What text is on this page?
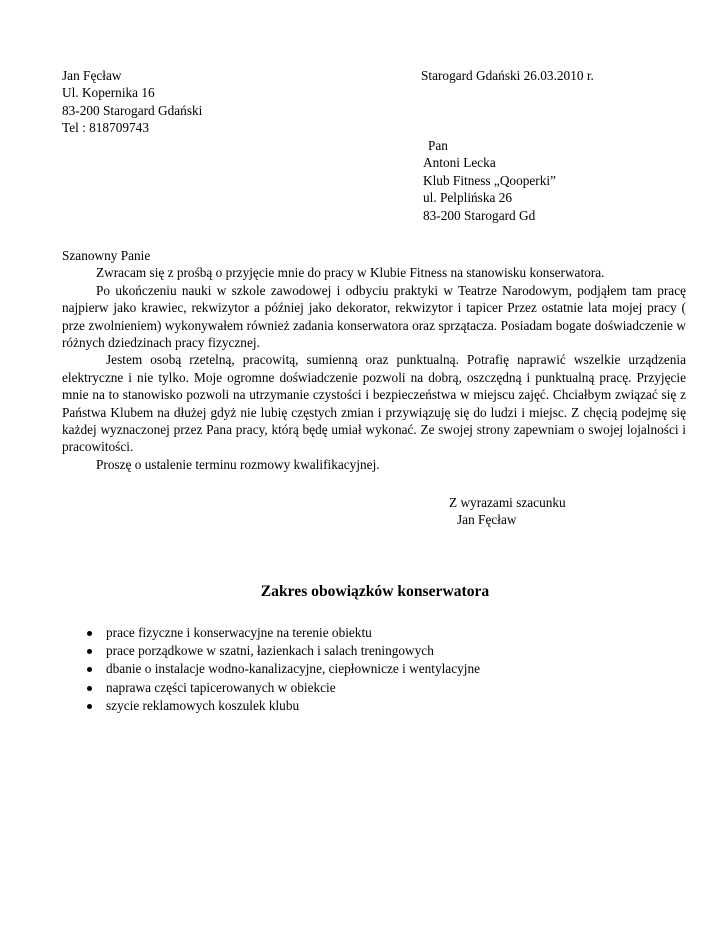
Jan Fęcław
Ul. Kopernika 16
83-200 Starogard Gdański
Tel : 818709743
Starogard Gdański 26.03.2010 r.
Pan
Antoni Lecka
Klub Fitness „Qooperki”
ul. Pelplińska 26
83-200 Starogard Gd

Szanowny Panie

Zwracam się z prośbą o przyjęcie mnie do pracy w Klubie Fitness na stanowisku konserwatora.

Po ukończeniu nauki w szkole zawodowej i odbyciu praktyki w Teatrze Narodowym, podjąłem tam pracę najpierw jako krawiec, rekwizytor a później jako dekorator, rekwizytor i tapicer Przez ostatnie lata mojej pracy ( prze zwolnieniem) wykonywałem również zadania konserwatora oraz sprzątacza. Posiadam bogate doświadczenie w różnych dziedzinach pracy fizycznej.

Jestem osobą rzetelną, pracowitą, sumienną oraz punktualną. Potrafię naprawić wszelkie urządzenia elektryczne i nie tylko. Moje ogromne doświadczenie pozwoli na dobrą, oszczędną i punktualną pracę. Przyjęcie mnie na to stanowisko pozwoli na utrzymanie czystości i bezpieczeństwa w miejscu zajęć. Chciałbym związać się z Państwa Klubem na dłużej gdyż nie lubię częstych zmian i przywiązuję się do ludzi i miejsc. Z chęcią podejmę się każdej wyznaczonej przez Pana pracy, którą będę umiał wykonać. Ze swojej strony zapewniam o swojej lojalności i pracowitości.

Proszę o ustalenie terminu rozmowy kwalifikacyjnej.

Z wyrazami szacunku
Jan Fęcław
Zakres obowiązków konserwatora
prace fizyczne i konserwacyjne na terenie obiektu
prace porządkowe w szatni, łazienkach i salach treningowych
dbanie o instalacje wodno-kanalizacyjne, ciepłownicze i wentylacyjne
naprawa części tapicerowanych w obiekcie
szycie reklamowych koszulek klubu
